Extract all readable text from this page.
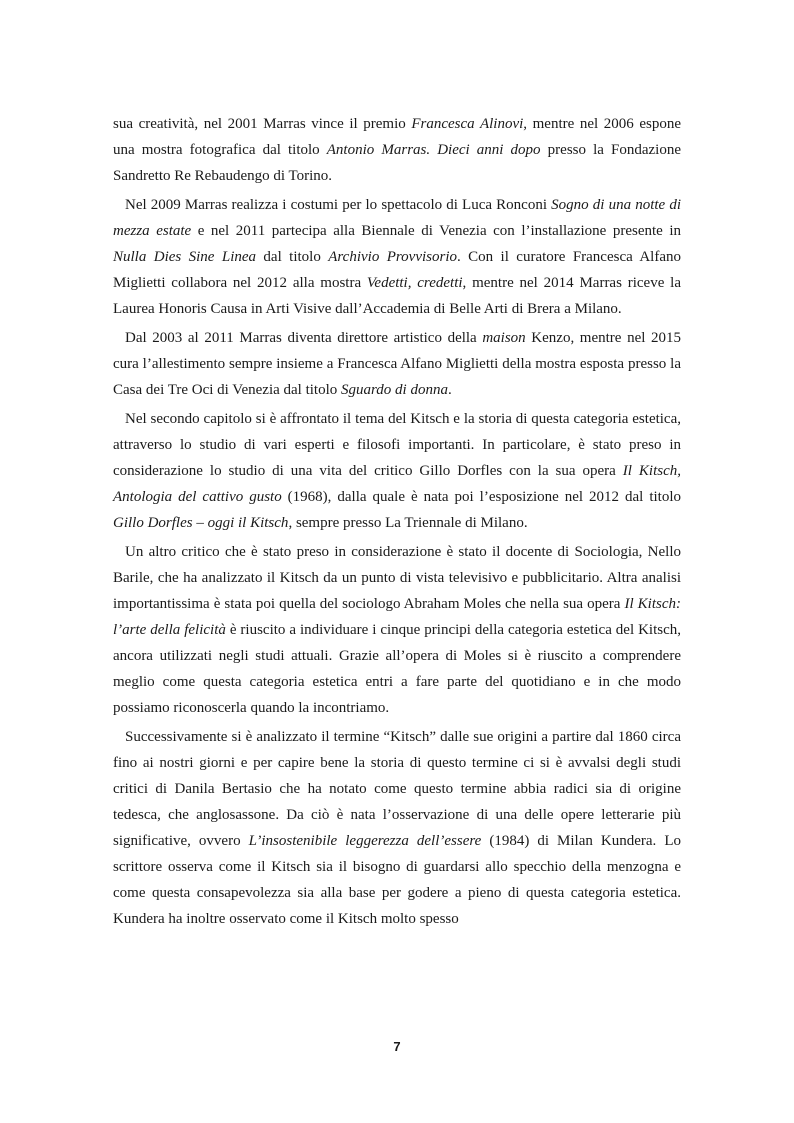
sua creatività, nel 2001 Marras vince il premio Francesca Alinovi, mentre nel 2006 espone una mostra fotografica dal titolo Antonio Marras. Dieci anni dopo presso la Fondazione Sandretto Re Rebaudengo di Torino.

Nel 2009 Marras realizza i costumi per lo spettacolo di Luca Ronconi Sogno di una notte di mezza estate e nel 2011 partecipa alla Biennale di Venezia con l’installazione presente in Nulla Dies Sine Linea dal titolo Archivio Provvisorio. Con il curatore Francesca Alfano Miglietti collabora nel 2012 alla mostra Vedetti, credetti, mentre nel 2014 Marras riceve la Laurea Honoris Causa in Arti Visive dall’Accademia di Belle Arti di Brera a Milano.

Dal 2003 al 2011 Marras diventa direttore artistico della maison Kenzo, mentre nel 2015 cura l’allestimento sempre insieme a Francesca Alfano Miglietti della mostra esposta presso la Casa dei Tre Oci di Venezia dal titolo Sguardo di donna.

Nel secondo capitolo si è affrontato il tema del Kitsch e la storia di questa categoria estetica, attraverso lo studio di vari esperti e filosofi importanti. In particolare, è stato preso in considerazione lo studio di una vita del critico Gillo Dorfles con la sua opera Il Kitsch, Antologia del cattivo gusto (1968), dalla quale è nata poi l’esposizione nel 2012 dal titolo Gillo Dorfles – oggi il Kitsch, sempre presso La Triennale di Milano.

Un altro critico che è stato preso in considerazione è stato il docente di Sociologia, Nello Barile, che ha analizzato il Kitsch da un punto di vista televisivo e pubblicitario. Altra analisi importantissima è stata poi quella del sociologo Abraham Moles che nella sua opera Il Kitsch: l’arte della felicità è riuscito a individuare i cinque principi della categoria estetica del Kitsch, ancora utilizzati negli studi attuali. Grazie all’opera di Moles si è riuscito a comprendere meglio come questa categoria estetica entri a fare parte del quotidiano e in che modo possiamo riconoscerla quando la incontriamo.

Successivamente si è analizzato il termine “Kitsch” dalle sue origini a partire dal 1860 circa fino ai nostri giorni e per capire bene la storia di questo termine ci si è avvalsi degli studi critici di Danila Bertasio che ha notato come questo termine abbia radici sia di origine tedesca, che anglosassone. Da ciò è nata l’osservazione di una delle opere letterarie più significative, ovvero L’insostenibile leggerezza dell’essere (1984) di Milan Kundera. Lo scrittore osserva come il Kitsch sia il bisogno di guardarsi allo specchio della menzogna e come questa consapevolezza sia alla base per godere a pieno di questa categoria estetica. Kundera ha inoltre osservato come il Kitsch molto spesso

7
